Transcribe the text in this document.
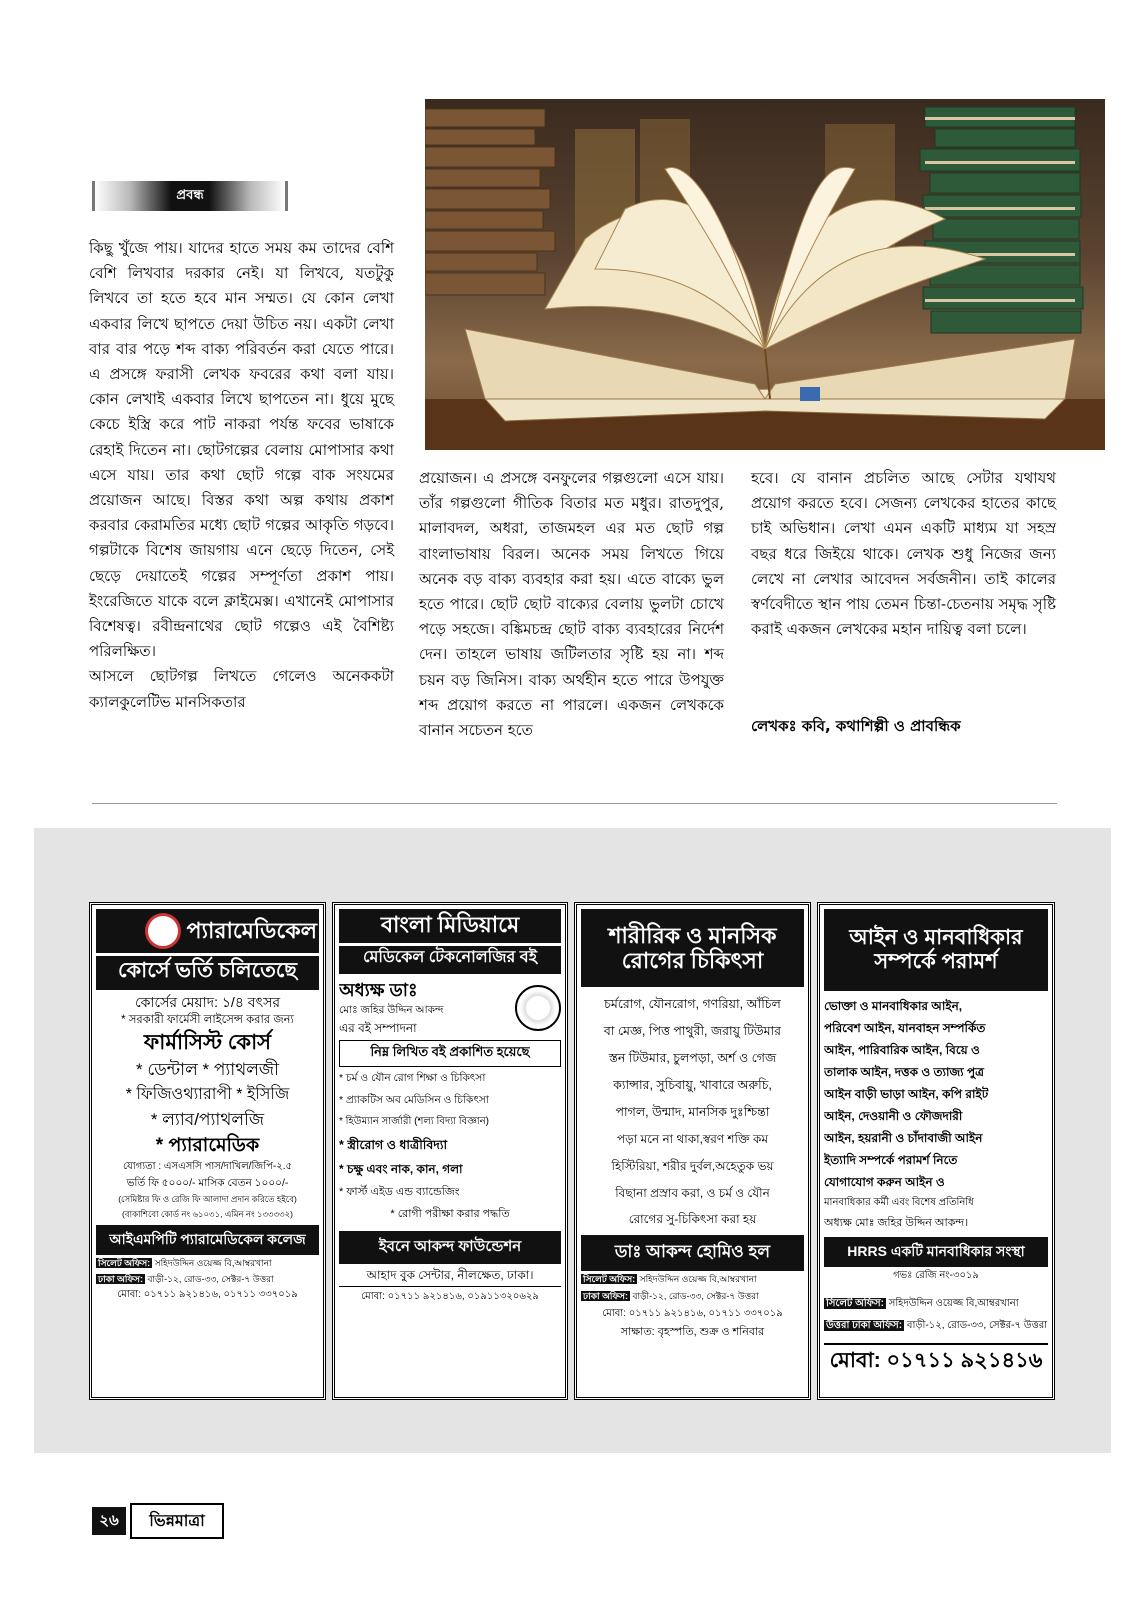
প্রবন্ধ

কিছু খুঁজে পায়। যাদের হাতে সময় কম তাদের বেশি বেশি লিখবার দরকার নেই। যা লিখবে, যতটুকু লিখবে তা হতে হবে মান সম্মত। যে কোন লেখা একবার লিখে ছাপতে দেয়া উচিত নয়। একটা লেখা বার বার পড়ে শব্দ বাক্য পরিবর্তন করা যেতে পারে। এ প্রসঙ্গে ফরাসী লেখক ফবরের কথা বলা যায়। কোন লেখাই একবার লিখে ছাপতেন না। ধুয়ে মুছে কেচে ইস্ত্রি করে পাট নাকরা পর্যন্ত ফবের ভাষাকে রেহাই দিতেন না। ছোটগল্পের বেলায় মোপাসার কথা এসে যায়। তার কথা ছোট গল্পে বাক সংযমের প্রয়োজন আছে। বিস্তর কথা অল্প কথায় প্রকাশ করবার কেরামতির মধ্যে ছোট গল্পের আকৃতি গড়বে। গল্পটাকে বিশেষ জায়গায় এনে ছেড়ে দিতেন, সেই ছেড়ে দেয়াতেই গল্পের সম্পূর্ণতা প্রকাশ পায়। ইংরেজিতে যাকে বলে ক্লাইমেক্স। এখানেই মোপাসার বিশেষত্ব। রবীন্দ্রনাথের ছোট গল্পেও এই বৈশিষ্ট্য পরিলক্ষিত।

আসলে ছোটগল্প লিখতে গেলেও অনেককটা ক্যালকুলেটিভ মানসিকতার

প্রয়োজন। এ প্রসঙ্গে বনফুলের গল্পগুলো এসে যায়। তাঁর গল্পগুলো গীতিক বিতার মত মধুর। রাতদুপুর, মালাবদল, অধরা, তাজমহল এর মত ছোট গল্প বাংলাভাষায় বিরল। অনেক সময় লিখতে গিয়ে অনেক বড় বাক্য ব্যবহার করা হয়। এতে বাক্যে ভুল হতে পারে। ছোট ছোট বাক্যের বেলায় ভুলটা চোখে পড়ে সহজে। বঙ্কিমচন্দ্র ছোট বাক্য ব্যবহারের নির্দেশ দেন। তাহলে ভাষায় জটিলতার সৃষ্টি হয় না। শব্দ চয়ন বড় জিনিস। বাক্য অর্থহীন হতে পারে উপযুক্ত শব্দ প্রয়োগ করতে না পারলে। একজন লেখককে বানান সচেতন হতে

হবে। যে বানান প্রচলিত আছে সেটার যথাযথ প্রয়োগ করতে হবে। সেজন্য লেখকের হাতের কাছে চাই অভিধান। লেখা এমন একটি মাধ্যম যা সহস্র বছর ধরে জিইয়ে থাকে। লেখক শুধু নিজের জন্য লেখে না লেখার আবেদন সর্বজনীন। তাই কালের স্বর্ণবেদীতে স্থান পায় তেমন চিন্তা-চেতনায় সমৃদ্ধ সৃষ্টি করাই একজন লেখকের মহান দায়িত্ব বলা চলে।

লেখকঃ কবি, কথাশিল্পী ও প্রাবন্ধিক
প্যারামেডিকেল
কোর্সে ভর্তি চলিতেছে
কোর্সের মেয়াদ: ১/৪ বৎসর
* সরকারী ফার্মেসী লাইসেন্স করার জন্য
ফার্মাসিস্ট কোর্স
* ডেন্টাল * প্যাথলজী
* ফিজিওথ্যারাপী * ইসিজি
* ল্যাব/প্যাথলজি
* প্যারামেডিক
যোগ্যতা : এসএসসি পাস/দাখিল/জিপি-২.৫
ভর্তি ফি ৫০০০/- মাসিক বেতন ১০০০/-
(সেমিষ্টার ফি ও রেজি ফি আলাদা প্রদান করিতে হইবে)
(বাকাশিবো কোর্ড নং ৬১০৩১, এমিন নং ১৩৩৩৩২)
আইএমপিটি প্যারামেডিকেল কলেজ
সিলেট অফিস: সহিদউদ্দিন ওয়েজ্জ বি,আম্বরখানা
ঢাকা অফিস: বাড়ী-১২, রোড-৩৩, সেক্টর-৭ উত্তরা
মোবা: ০১৭১১ ৯২১৪১৬, ০১৭১১ ৩৩৭০১৯
বাংলা মিডিয়ামে
মেডিকেল টেকনোলজির বই
অধ্যক্ষ ডাঃ
মোঃ জহির উদ্দিন আকন্দ
এর বই সম্পাদনা
নিম্ন লিখিত বই প্রকাশিত হয়েছে
* চর্ম ও যৌন রোগ শিক্ষা ও চিকিৎসা
* প্র্যাকটিস অব মেডিসিন ও চিকিৎসা
* হিউম্যান সার্জারী (শল্য বিদ্যা বিজ্ঞান)
* স্ত্রীরোগ ও ধাত্রীবিদ্যা
* চক্ষু এবং নাক, কান, গলা
* ফার্স্ট এইড এন্ড ব্যান্ডেজিং
* রোগী পরীক্ষা করার পদ্ধতি
ইবনে আকন্দ ফাউন্ডেশন
আহাদ বুক সেন্টার, নীলক্ষেত, ঢাকা।
মোবা: ০১৭১১ ৯২১৪১৬, ০১৯১১৩২০৬২৯
শারীরিক ও মানসিক
রোগের চিকিৎসা
চর্মরোগ, যৌনরোগ, গণরিয়া, আঁচিল
বা মেজ্ঞ, পিত্ত পাথুরী, জরায়ু টিউমার
স্তন টিউমার, চুলপড়া, অর্শ ও গেজ
ক্যান্সার, সুচিবায়ু, খাবারে অরুচি,
পাগল, উন্মাদ, মানসিক দুঃশ্চিন্তা
পড়া মনে না থাকা,স্বরণ শক্তি কম
হিস্টিরিয়া, শরীর দুর্বল,অহেতুক ভয়
বিছানা প্রস্রাব করা, ও চর্ম ও যৌন
রোগের সু-চিকিৎসা করা হয়
ডাঃ আকন্দ হোমিও হল
সিলেট অফিস: সহিদউদ্দিন ওয়েজ্জ বি,আম্বরখানা
ঢাকা অফিস: বাড়ী-১২, রোড-৩৩, সেক্টর-৭ উত্তরা
মোবা: ০১৭১১ ৯২১৪১৬, ০১৭১১ ৩৩৭০১৯
সাক্ষাত: বৃহস্পতি, শুক্র ও শনিবার
আইন ও মানবাধিকার
সম্পর্কে পরামর্শ
ভোক্তা ও মানবাধিকার আইন,
পরিবেশ আইন, যানবাহন সম্পর্কিত
আইন, পারিবারিক আইন, বিয়ে ও
তালাক আইন, দত্তক ও ত্যাজ্য পুত্র
আইন বাড়ী ভাড়া আইন, কপি রাইট
আইন, দেওয়ানী ও ফৌজদারী
আইন, হয়রানী ও চাঁদাবাজী আইন
ইত্যাদি সম্পর্কে পরামর্শ নিতে
যোগাযোগ করুন আইন ও
মানবাধিকার কর্মী এবং বিশেষ প্রতিনিধি
অধ্যক্ষ মোঃ জহির উদ্দিন আকন্দ।
HRRS একটি মানবাধিকার সংস্থা
গভঃ রেজি নং-৩০১৯
সিলেট অফিস: সহিদউদ্দিন ওয়েজ্জ বি,আম্বরখানা
উত্তরা ঢাকা অফিস: বাড়ী-১২, রোড-৩৩, সেক্টর-৭ উত্তরা
মোবা: ০১৭১১ ৯২১৪১৬
২৬	ভিন্নমাত্রা
